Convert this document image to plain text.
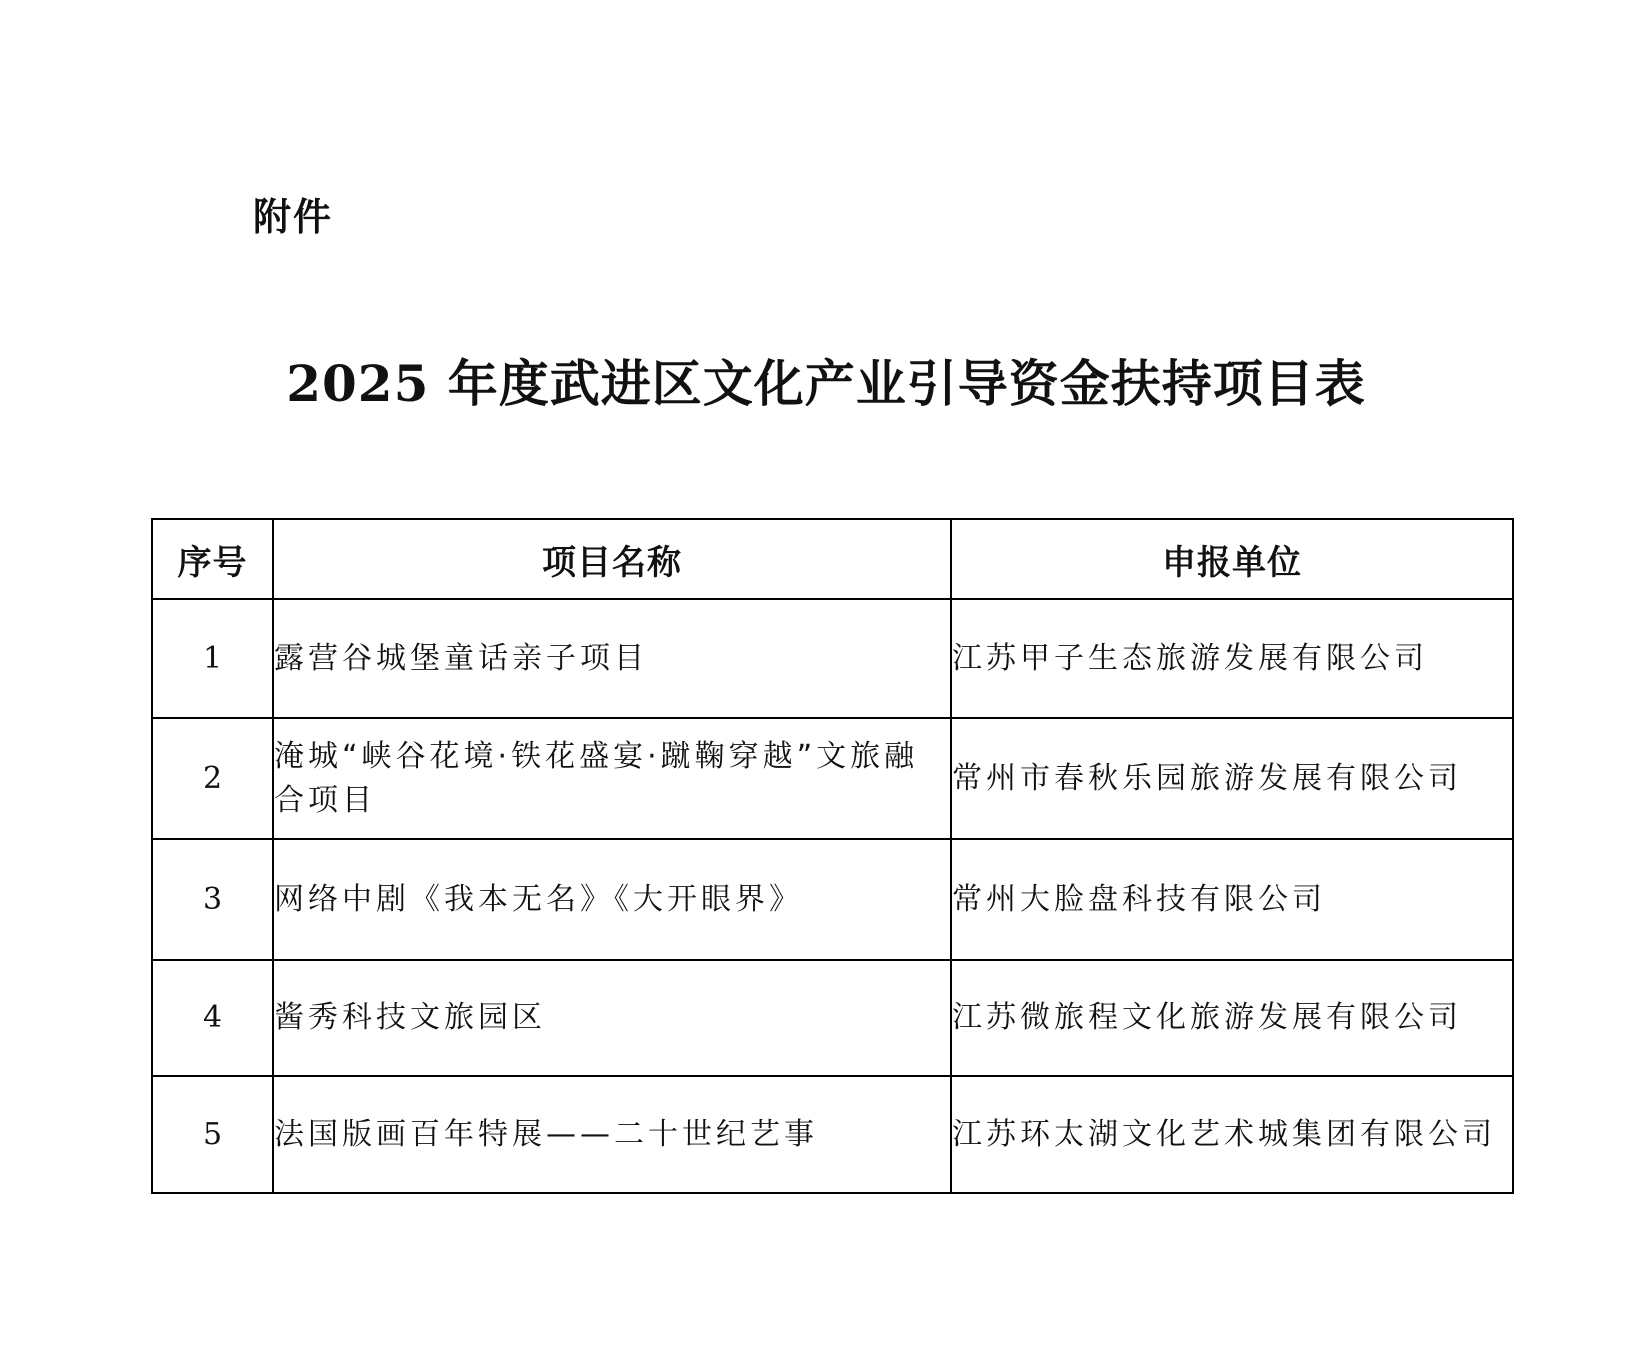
附件
2025 年度武进区文化产业引导资金扶持项目表
序号	项目名称	申报单位
1	露营谷城堡童话亲子项目	江苏甲子生态旅游发展有限公司
2	淹城“峡谷花境·铁花盛宴·蹴鞠穿越”文旅融合项目	常州市春秋乐园旅游发展有限公司
3	网络中剧《我本无名》《大开眼界》	常州大脸盘科技有限公司
4	酱秀科技文旅园区	江苏微旅程文化旅游发展有限公司
5	法国版画百年特展——二十世纪艺事	江苏环太湖文化艺术城集团有限公司
